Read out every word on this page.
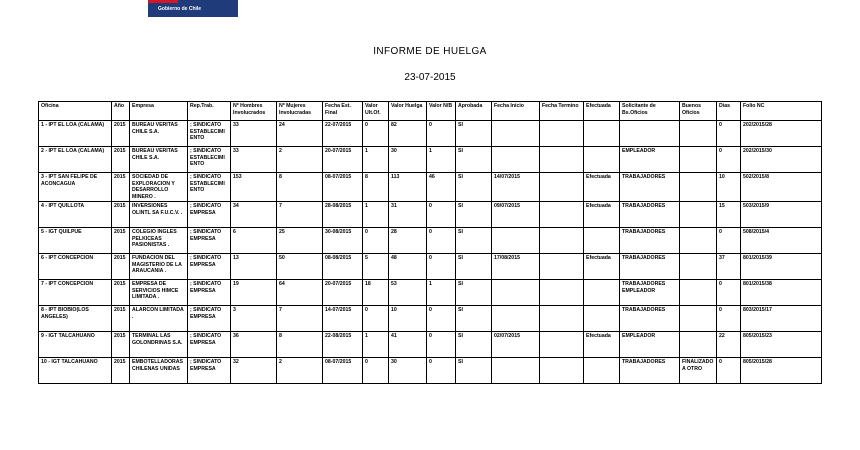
Gobierno de Chile
INFORME DE HUELGA
23-07-2015
Oficina	Año	Empresa	Rep.Trab.	Nº Hombres Involucrados	Nº Mujeres Involucradas	Fecha Est. Final	Valor Ult.Of.	Valor Huelga	Valor N/B	Aprobada	Fecha Inicio	Fecha Termino	Efectuada	Solicitante de Bs.Oficios	Buenos Oficios	Días	Folio NC
1 - IPT EL LOA (CALAMA)	2015	BUREAU VERITAS CHILE S.A.	; SINDICATO ESTABLECIMIENTO	33	24	22-07/2015	0	82	0	SI						0	202/2015/28
2 - IPT EL LOA (CALAMA)	2015	BUREAU VERITAS CHILE S.A.	; SINDICATO ESTABLECIMIENTO	33	2	20-07/2015	1	30	1	SI				EMPLEADOR		0	202/2015/30
3 - IPT SAN FELIPE DE ACONCAGUA	2015	SOCIEDAD DE EXPLORACION Y DESARROLLO MINERO .	; SINDICATO ESTABLECIMIENTO	153	8	08-07/2015	8	113	46	SI	14/07/2015		Efectuada	TRABAJADORES		10	502/2015/8
4 - IPT QUILLOTA	2015	INVERSIONES OLINTL SA F.U.C.V. .	; SINDICATO EMPRESA	34	7	28-08/2015	1	31	0	SI	09/07/2015		Efectuada	TRABAJADORES		15	503/2015/9
5 - IGT QUILPUE	2015	COLEGIO INGLES PELKICEAS PASIONISTAS .	; SINDICATO EMPRESA	6	25	30-08/2015	0	28	0	SI				TRABAJADORES		0	508/2015/4
6 - IPT CONCEPCION	2015	FUNDACION DEL MAGISTERIO DE LA ARAUCANIA .	; SINDICATO EMPRESA	13	50	08-08/2015	5	48	0	SI	17/08/2015		Efectuada	TRABAJADORES		37	801/2015/39
7 - IPT CONCEPCION	2015	EMPRESA DE SERVICIOS HIMCE LIMITADA .	; SINDICATO EMPRESA	19	64	20-07/2015	18	53	1	SI				TRABAJADORES EMPLEADOR		0	801/2015/38
8 - IPT BIOBIO(LOS ANGELES)	2015	ALARCON LIMITADA .	; SINDICATO EMPRESA	3	7	14-07/2015	0	10	0	SI				TRABAJADORES		0	803/2015/17
9 - IGT TALCAHUANO	2015	TERMINAL LAS GOLONDRINAS S.A.	; SINDICATO EMPRESA	36	8	22-08/2015	1	41	0	SI	02/07/2015		Efectuada	EMPLEADOR		22	805/2015/23
10 - IGT TALCAHUANO	2015	EMBOTELLADORAS CHILENAS UNIDAS	; SINDICATO EMPRESA	32	2	08-07/2015	0	30	0	SI				TRABAJADORES	FINALIZADO A OTRO	0	805/2015/28
